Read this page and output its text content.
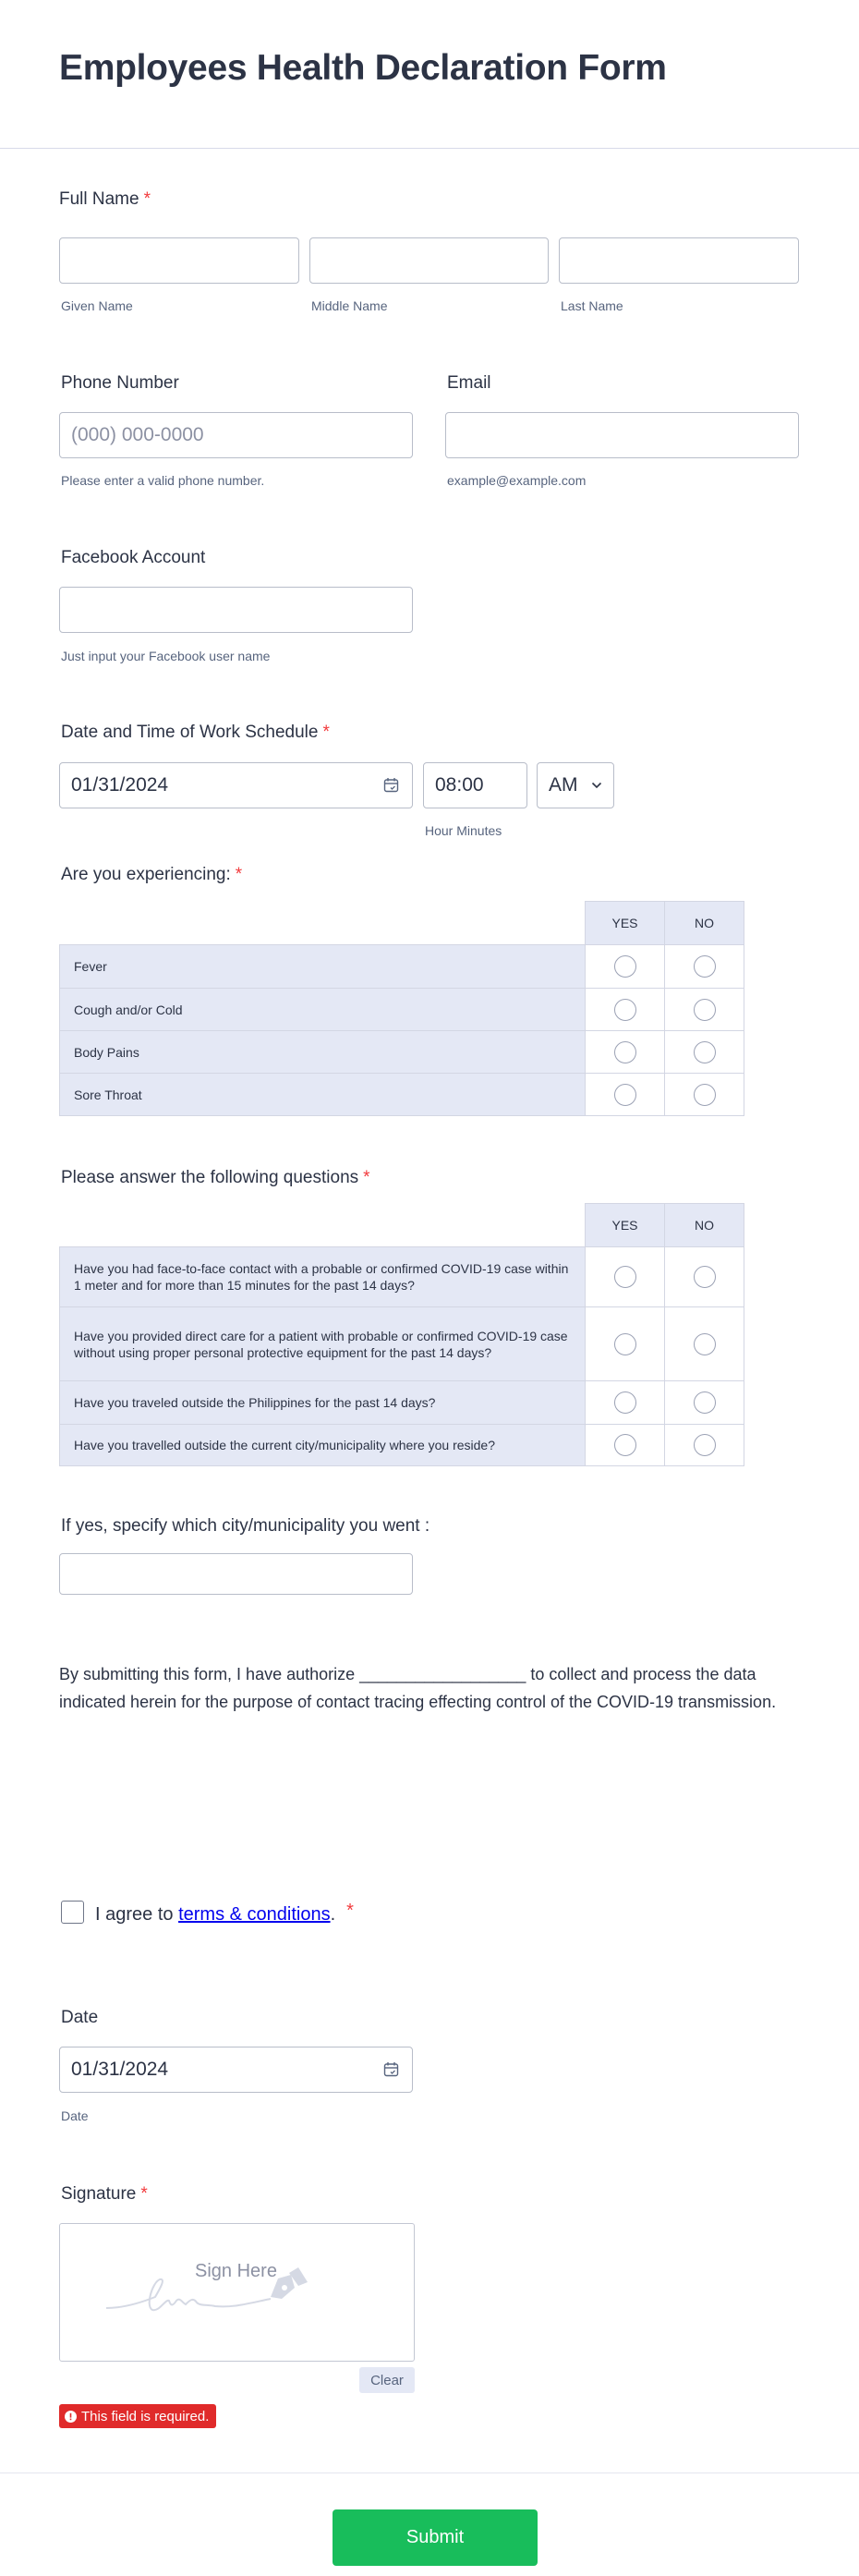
Employees Health Declaration Form
Full Name *
Given Name	Middle Name	Last Name
Phone Number
(000) 000-0000
Please enter a valid phone number.
Email
example@example.com
Facebook Account
Just input your Facebook user name
Date and Time of Work Schedule *
01/31/2024	08:00	AM
Hour Minutes
Are you experiencing: *
	YES	NO
Fever		
Cough and/or Cold		
Body Pains		
Sore Throat		
Please answer the following questions *
	YES	NO
Have you had face-to-face contact with a probable or confirmed COVID-19 case within 1 meter and for more than 15 minutes for the past 14 days?		
Have you provided direct care for a patient with probable or confirmed COVID-19 case without using proper personal protective equipment for the past 14 days?		
Have you traveled outside the Philippines for the past 14 days?		
Have you travelled outside the current city/municipality where you reside?		
If yes, specify which city/municipality you went :
By submitting this form, I have authorize __________________ to collect and process the data indicated herein for the purpose of contact tracing effecting control of the COVID-19 transmission.
I agree to terms & conditions. *
Date
01/31/2024
Date
Signature *
Sign Here
Clear
This field is required.
Submit
